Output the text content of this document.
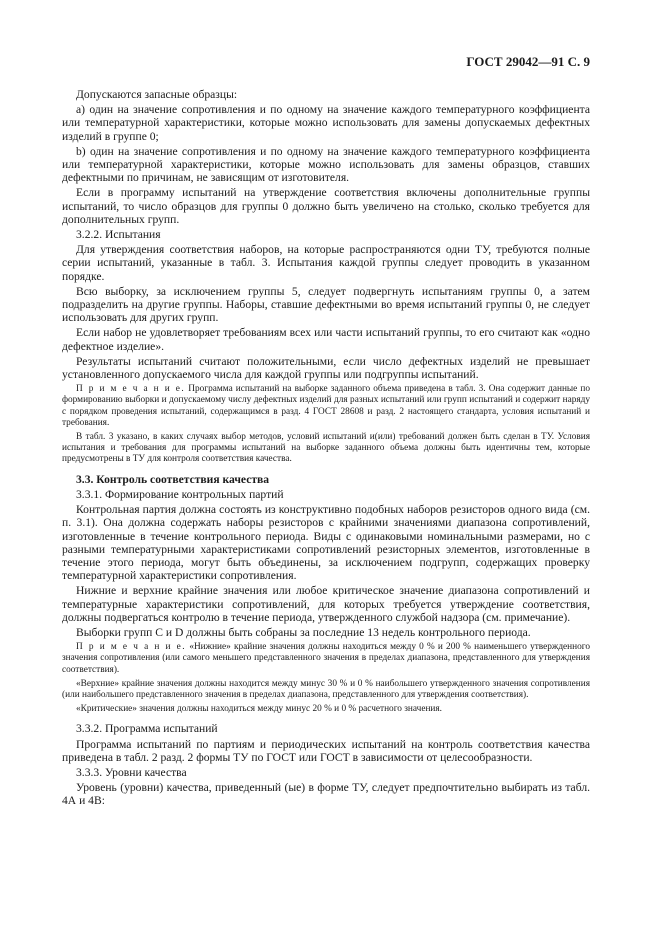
ГОСТ 29042—91 С. 9

Допускаются запасные образцы:

a) один на значение сопротивления и по одному на значение каждого температурного коэффициента или температурной характеристики, которые можно использовать для замены допускаемых дефектных изделий в группе 0;

b) один на значение сопротивления и по одному на значение каждого температурного коэффициента или температурной характеристики, которые можно использовать для замены образцов, ставших дефектными по причинам, не зависящим от изготовителя.

Если в программу испытаний на утверждение соответствия включены дополнительные группы испытаний, то число образцов для группы 0 должно быть увеличено на столько, сколько требуется для дополнительных групп.

3.2.2. Испытания

Для утверждения соответствия наборов, на которые распространяются одни ТУ, требуются полные серии испытаний, указанные в табл. 3. Испытания каждой группы следует проводить в указанном порядке.

Всю выборку, за исключением группы 5, следует подвергнуть испытаниям группы 0, а затем подразделить на другие группы. Наборы, ставшие дефектными во время испытаний группы 0, не следует использовать для других групп.

Если набор не удовлетворяет требованиям всех или части испытаний группы, то его считают как «одно дефектное изделие».

Результаты испытаний считают положительными, если число дефектных изделий не превышает установленного допускаемого числа для каждой группы или подгруппы испытаний.

П р и м е ч а н и е. Программа испытаний на выборке заданного объема приведена в табл. 3. Она содержит данные по формированию выборки и допускаемому числу дефектных изделий для разных испытаний или групп испытаний и содержит наряду с порядком проведения испытаний, содержащимся в разд. 4 ГОСТ 28608 и разд. 2 настоящего стандарта, условия испытаний и требования.

В табл. 3 указано, в каких случаях выбор методов, условий испытаний и(или) требований должен быть сделан в ТУ. Условия испытания и требования для программы испытаний на выборке заданного объема должны быть идентичны тем, которые предусмотрены в ТУ для контроля соответствия качества.

3.3. Контроль соответствия качества

3.3.1. Формирование контрольных партий

Контрольная партия должна состоять из конструктивно подобных наборов резисторов одного вида (см. п. 3.1). Она должна содержать наборы резисторов с крайними значениями диапазона сопротивлений, изготовленные в течение контрольного периода. Виды с одинаковыми номинальными размерами, но с разными температурными характеристиками сопротивлений резисторных элементов, изготовленные в течение этого периода, могут быть объединены, за исключением подгрупп, содержащих проверку температурной характеристики сопротивления.

Нижние и верхние крайние значения или любое критическое значение диапазона сопротивлений и температурные характеристики сопротивлений, для которых требуется утверждение соответствия, должны подвергаться контролю в течение периода, утвержденного службой надзора (см. примечание).

Выборки групп C и D должны быть собраны за последние 13 недель контрольного периода.

П р и м е ч а н и е. «Нижние» крайние значения должны находиться между 0 % и 200 % наименьшего утвержденного значения сопротивления (или самого меньшего представленного значения в пределах диапазона, представленного для утверждения соответствия).

«Верхние» крайние значения должны находится между минус 30 % и 0 % наибольшего утвержденного значения сопротивления (или наибольшего представленного значения в пределах диапазона, представленного для утверждения соответствия).

«Критические» значения должны находиться между минус 20 % и 0 % расчетного значения.

3.3.2. Программа испытаний

Программа испытаний по партиям и периодических испытаний на контроль соответствия качества приведена в табл. 2 разд. 2 формы ТУ по ГОСТ или ГОСТ в зависимости от целесообразности.

3.3.3. Уровни качества

Уровень (уровни) качества, приведенный (ые) в форме ТУ, следует предпочтительно выбирать из табл. 4А и 4В:
